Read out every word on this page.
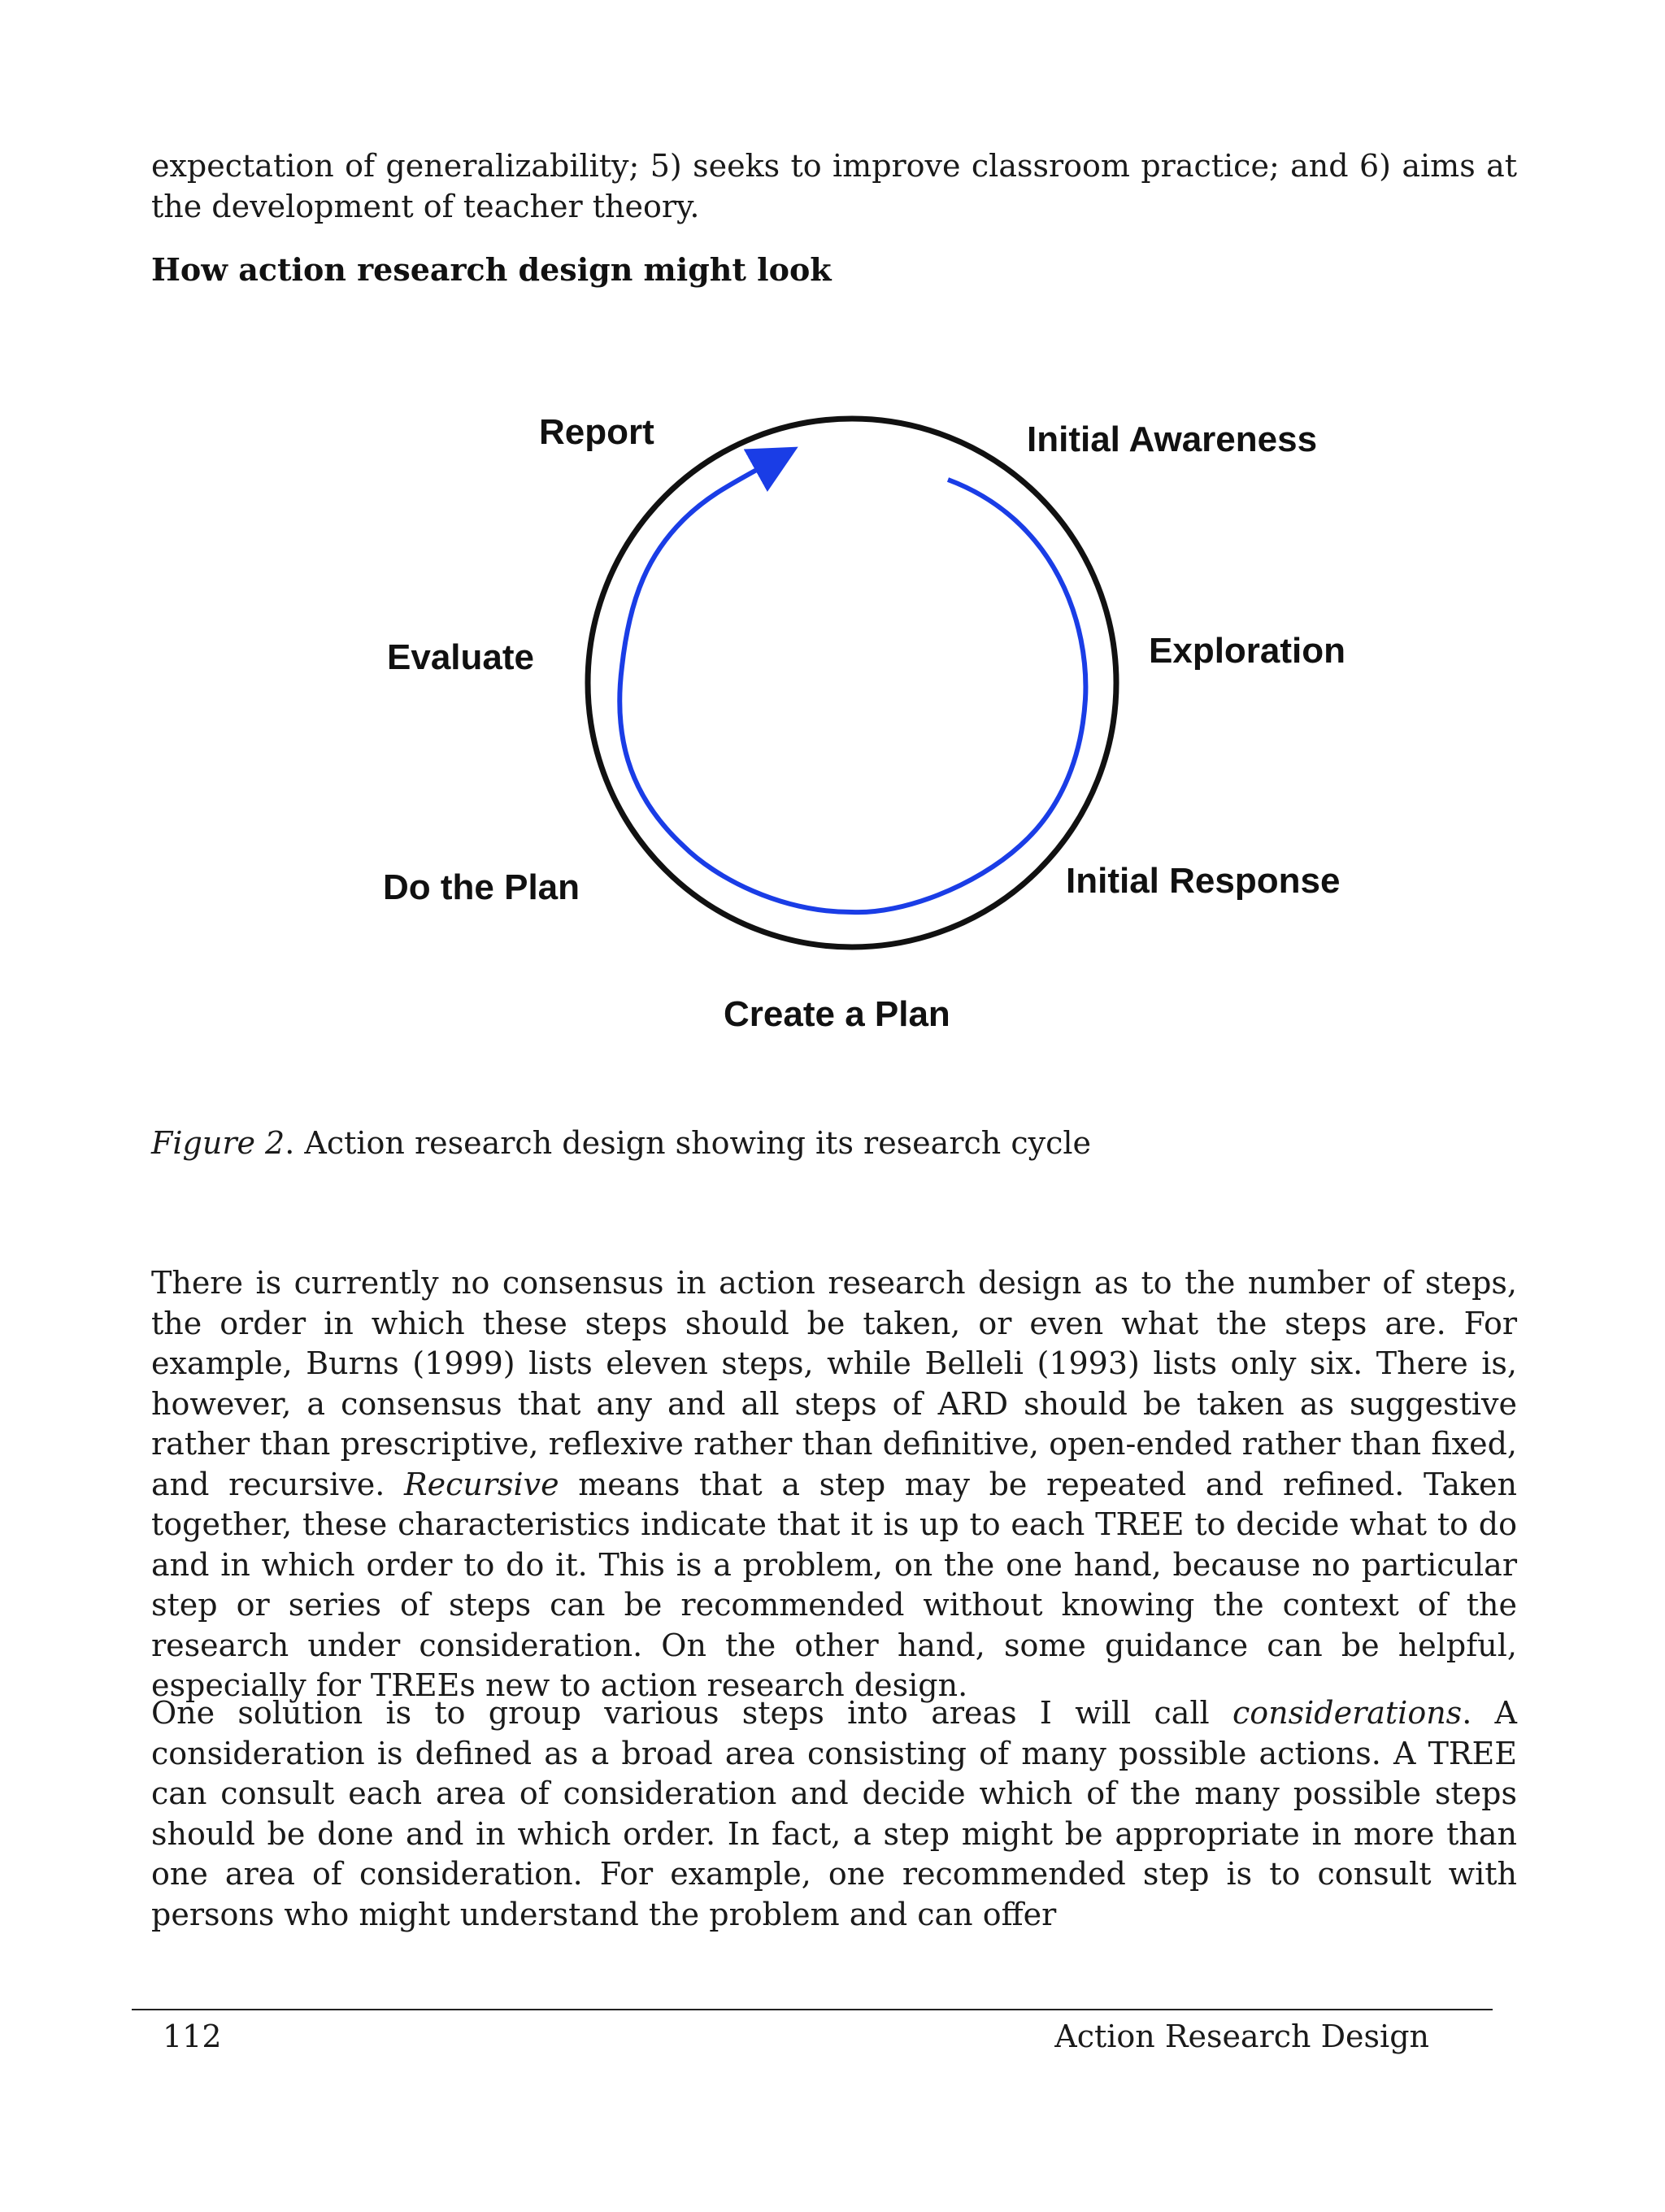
expectation of generalizability; 5) seeks to improve classroom practice; and 6) aims at the development of teacher theory.

How action research design might look

Report	Initial Awareness
Evaluate	Exploration
Do the Plan	Initial Response
Create a Plan

Figure 2. Action research design showing its research cycle

There is currently no consensus in action research design as to the number of steps, the order in which these steps should be taken, or even what the steps are. For example, Burns (1999) lists eleven steps, while Belleli (1993) lists only six. There is, however, a consensus that any and all steps of ARD should be taken as suggestive rather than prescriptive, reflexive rather than definitive, open-ended rather than fixed, and recursive. Recursive means that a step may be repeated and refined. Taken together, these characteristics indicate that it is up to each TREE to decide what to do and in which order to do it. This is a problem, on the one hand, because no particular step or series of steps can be recommended without knowing the context of the research under consideration. On the other hand, some guidance can be helpful, especially for TREEs new to action research design.

One solution is to group various steps into areas I will call considerations. A consideration is defined as a broad area consisting of many possible actions. A TREE can consult each area of consideration and decide which of the many possible steps should be done and in which order. In fact, a step might be appropriate in more than one area of consideration. For example, one recommended step is to consult with persons who might understand the problem and can offer

112	Action Research Design
